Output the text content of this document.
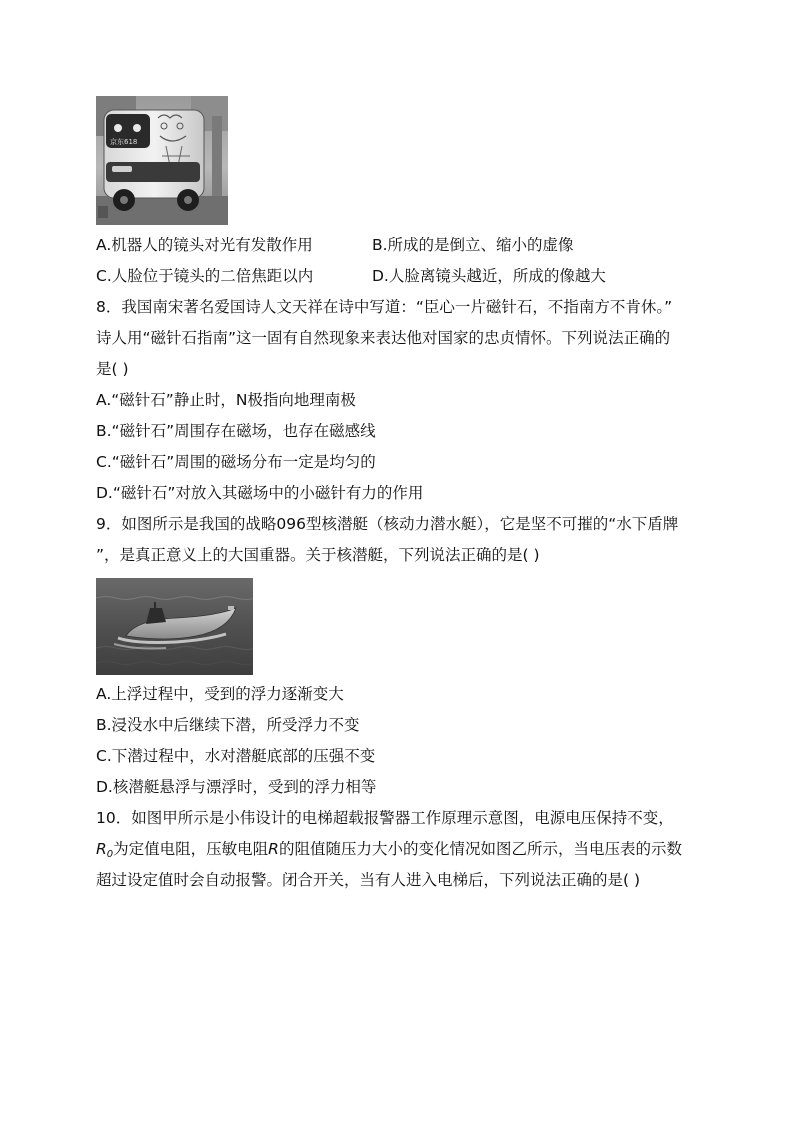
京东618
A.机器人的镜头对光有发散作用	B.所成的是倒立、缩小的虚像
C.人脸位于镜头的二倍焦距以内	D.人脸离镜头越近，所成的像越大
8．我国南宋著名爱国诗人文天祥在诗中写道：“臣心一片磁针石，不指南方不肯休。”
诗人用“磁针石指南”这一固有自然现象来表达他对国家的忠贞情怀。下列说法正确的
是( )
A.“磁针石”静止时，N极指向地理南极
B.“磁针石”周围存在磁场，也存在磁感线
C.“磁针石”周围的磁场分布一定是均匀的
D.“磁针石”对放入其磁场中的小磁针有力的作用
9．如图所示是我国的战略096型核潜艇（核动力潜水艇），它是坚不可摧的“水下盾牌
”，是真正意义上的大国重器。关于核潜艇，下列说法正确的是( )
A.上浮过程中，受到的浮力逐渐变大
B.浸没水中后继续下潜，所受浮力不变
C.下潜过程中，水对潜艇底部的压强不变
D.核潜艇悬浮与漂浮时，受到的浮力相等
10．如图甲所示是小伟设计的电梯超载报警器工作原理示意图，电源电压保持不变，
R0为定值电阻，压敏电阻R的阻值随压力大小的变化情况如图乙所示，当电压表的示数
超过设定值时会自动报警。闭合开关，当有人进入电梯后，下列说法正确的是( )
